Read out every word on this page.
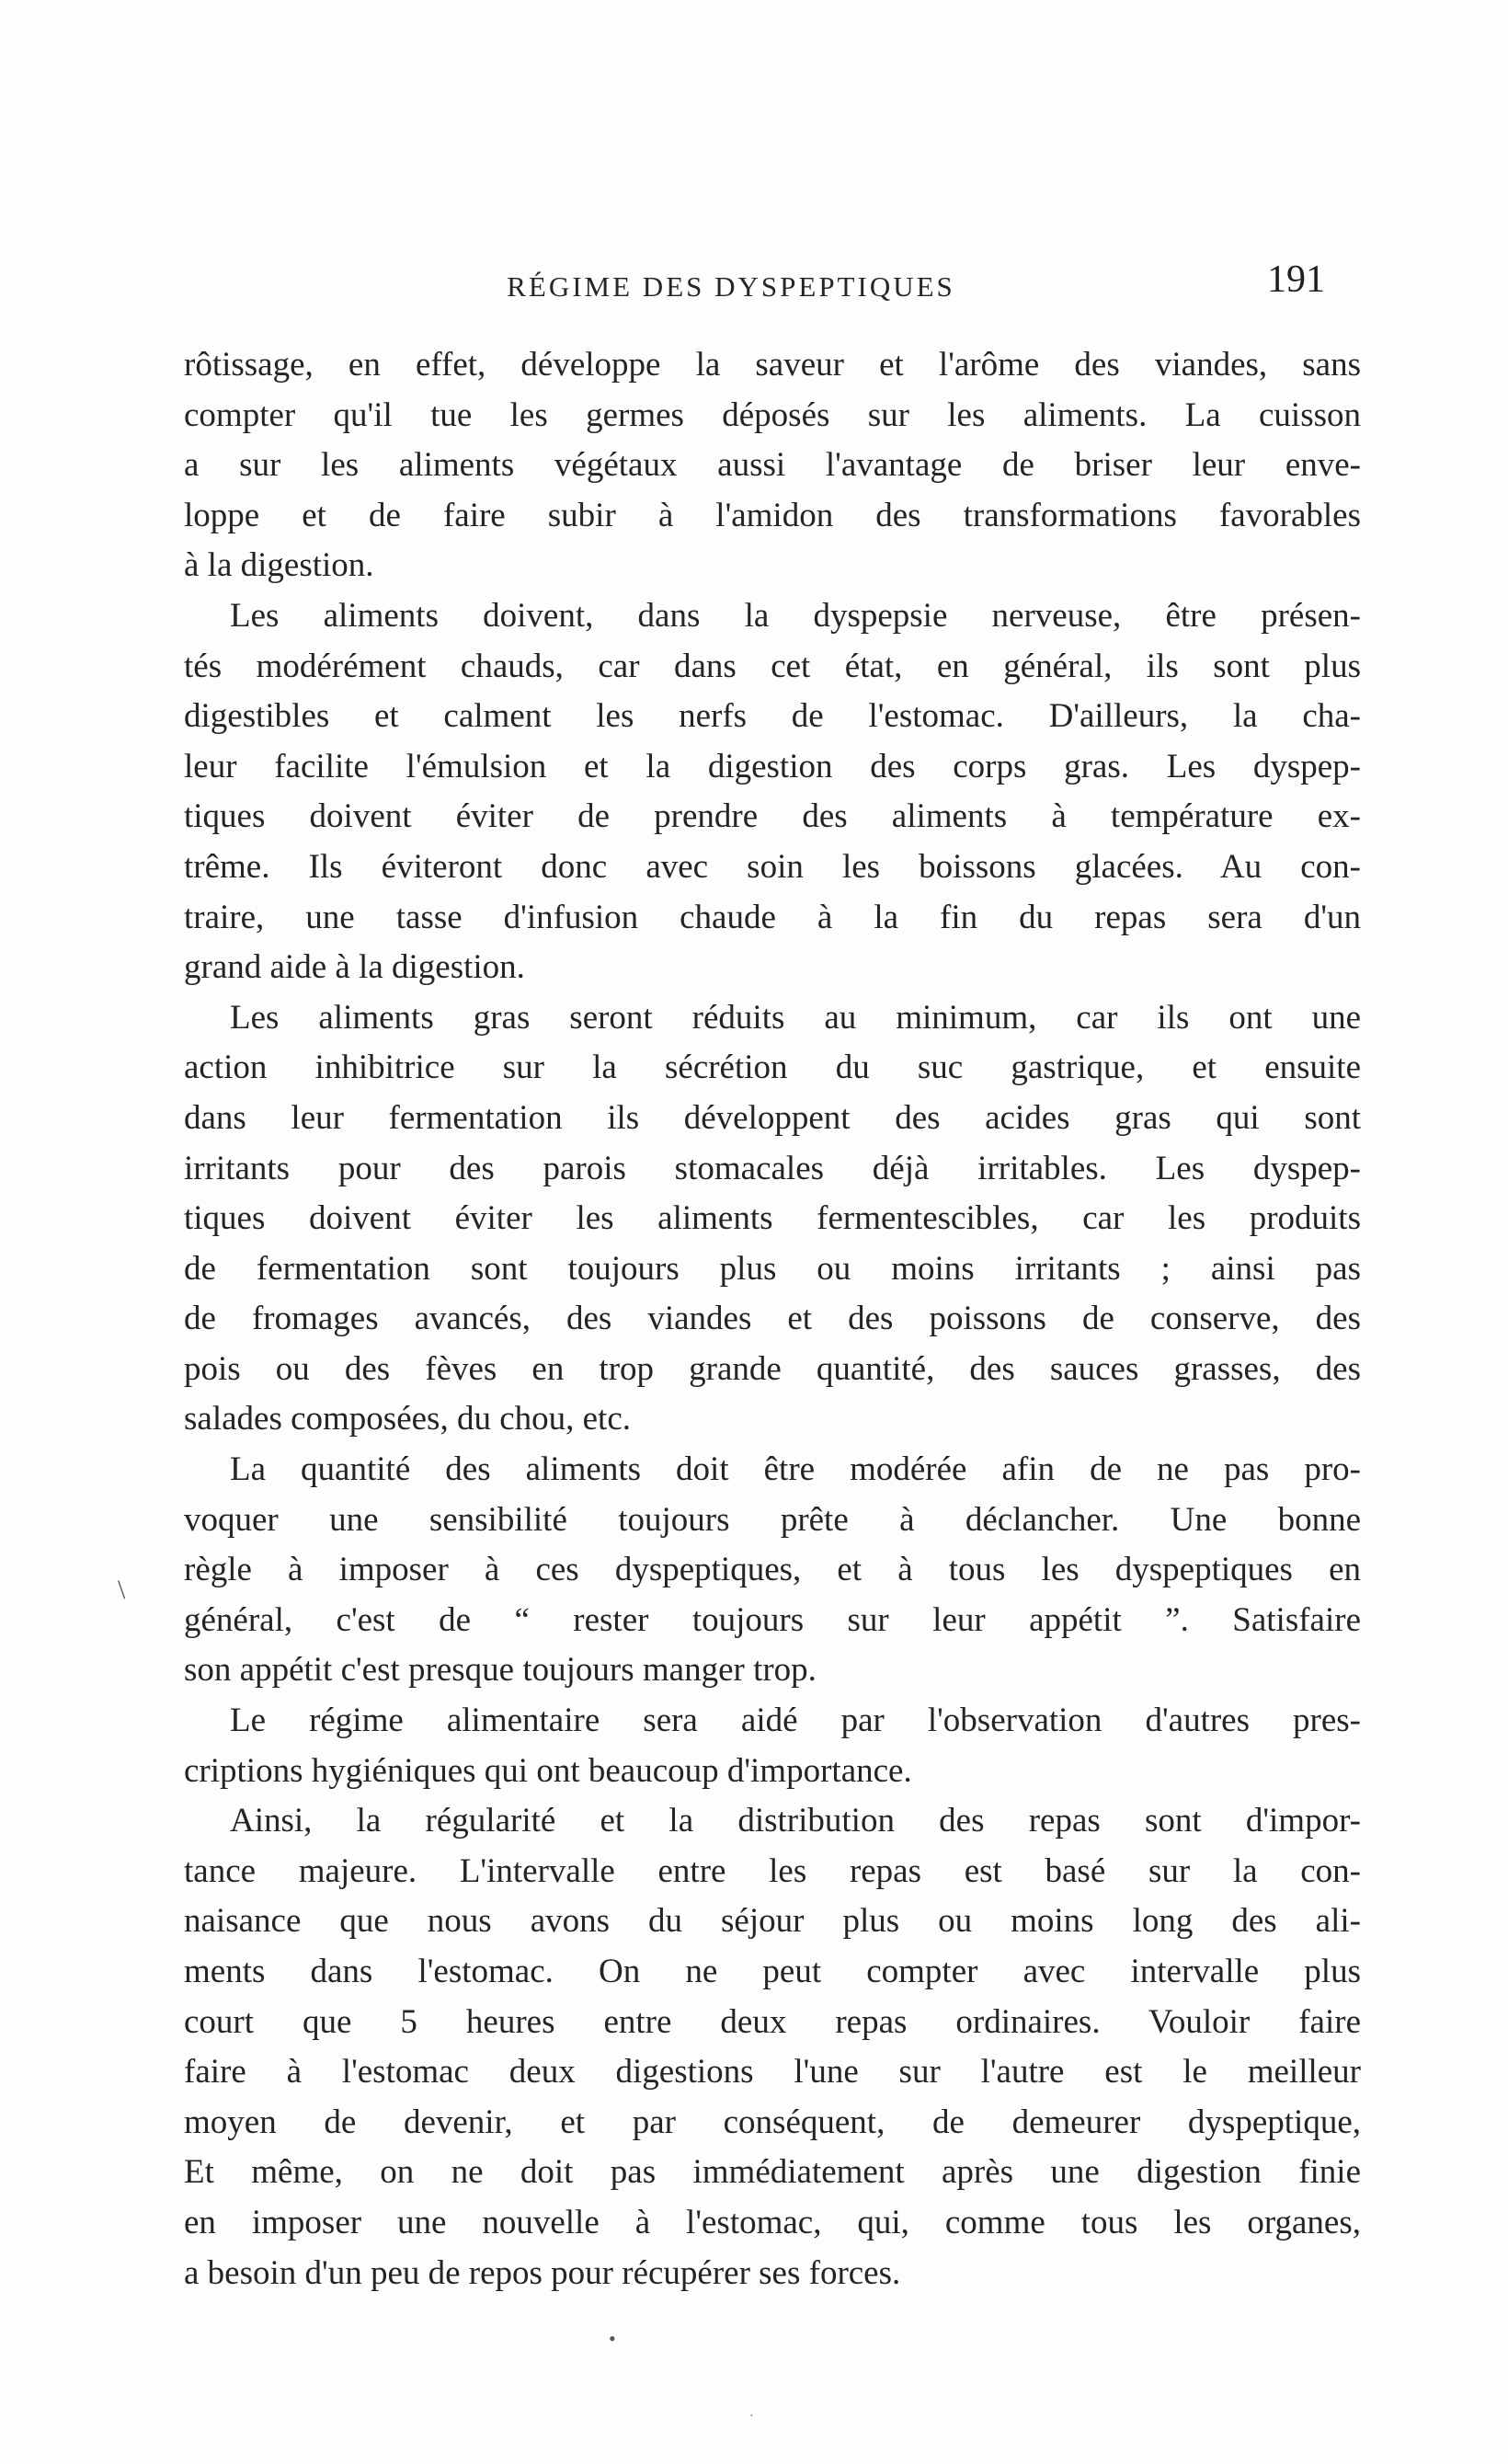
RÉGIME DES DYSPEPTIQUES	191
rôtissage, en effet, développe la saveur et l'arôme des viandes, sans
compter qu'il tue les germes déposés sur les aliments. La cuisson
a sur les aliments végétaux aussi l'avantage de briser leur enve-
loppe et de faire subir à l'amidon des transformations favorables
à la digestion.
Les aliments doivent, dans la dyspepsie nerveuse, être présen-
tés modérément chauds, car dans cet état, en général, ils sont plus
digestibles et calment les nerfs de l'estomac. D'ailleurs, la cha-
leur facilite l'émulsion et la digestion des corps gras. Les dyspep-
tiques doivent éviter de prendre des aliments à température ex-
trême. Ils éviteront donc avec soin les boissons glacées. Au con-
traire, une tasse d'infusion chaude à la fin du repas sera d'un
grand aide à la digestion.
Les aliments gras seront réduits au minimum, car ils ont une
action inhibitrice sur la sécrétion du suc gastrique, et ensuite
dans leur fermentation ils développent des acides gras qui sont
irritants pour des parois stomacales déjà irritables. Les dyspep-
tiques doivent éviter les aliments fermentescibles, car les produits
de fermentation sont toujours plus ou moins irritants ; ainsi pas
de fromages avancés, des viandes et des poissons de conserve, des
pois ou des fèves en trop grande quantité, des sauces grasses, des
salades composées, du chou, etc.
La quantité des aliments doit être modérée afin de ne pas pro-
voquer une sensibilité toujours prête à déclancher. Une bonne
règle à imposer à ces dyspeptiques, et à tous les dyspeptiques en
général, c'est de “ rester toujours sur leur appétit ”. Satisfaire
son appétit c'est presque toujours manger trop.
Le régime alimentaire sera aidé par l'observation d'autres pres-
criptions hygiéniques qui ont beaucoup d'importance.
Ainsi, la régularité et la distribution des repas sont d'impor-
tance majeure. L'intervalle entre les repas est basé sur la con-
naisance que nous avons du séjour plus ou moins long des ali-
ments dans l'estomac. On ne peut compter avec intervalle plus
court que 5 heures entre deux repas ordinaires. Vouloir faire
faire à l'estomac deux digestions l'une sur l'autre est le meilleur
moyen de devenir, et par conséquent, de demeurer dyspeptique,
Et même, on ne doit pas immédiatement après une digestion finie
en imposer une nouvelle à l'estomac, qui, comme tous les organes,
a besoin d'un peu de repos pour récupérer ses forces.
\
•
·
